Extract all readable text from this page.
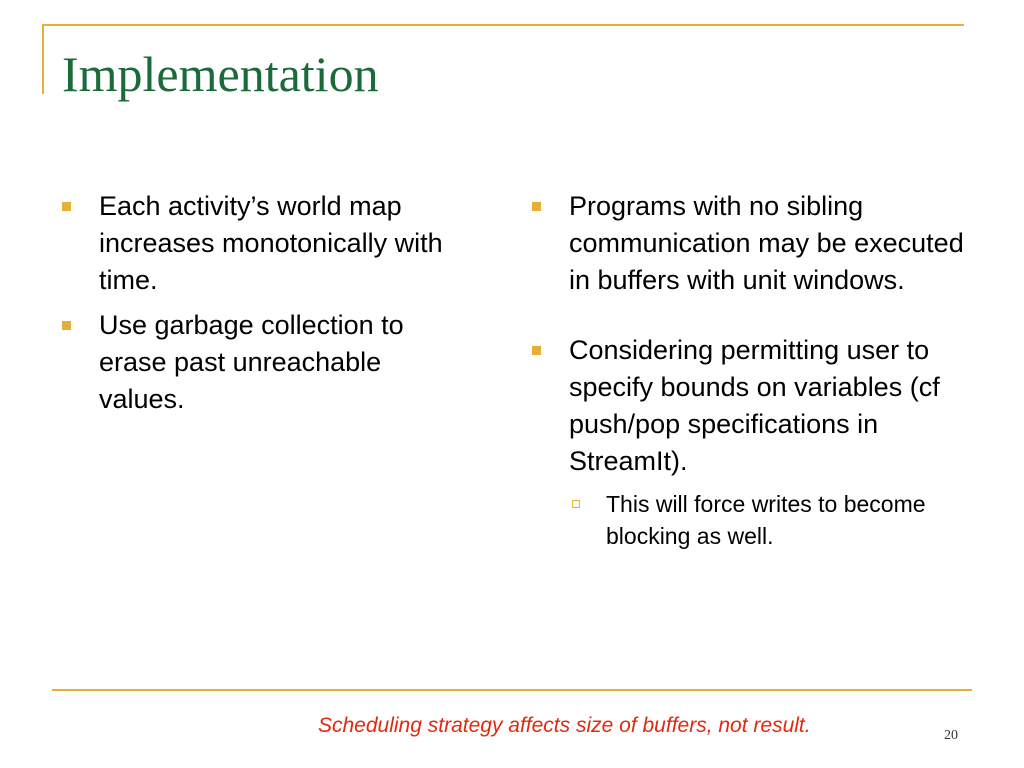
Implementation
Each activity’s world map increases monotonically with time.
Use garbage collection to erase past unreachable values.
Programs with no sibling communication may be executed in buffers with unit windows.
Considering permitting user to specify bounds on variables (cf push/pop specifications in StreamIt).
This will force writes to become blocking as well.

Scheduling strategy affects size of buffers, not result.	20
